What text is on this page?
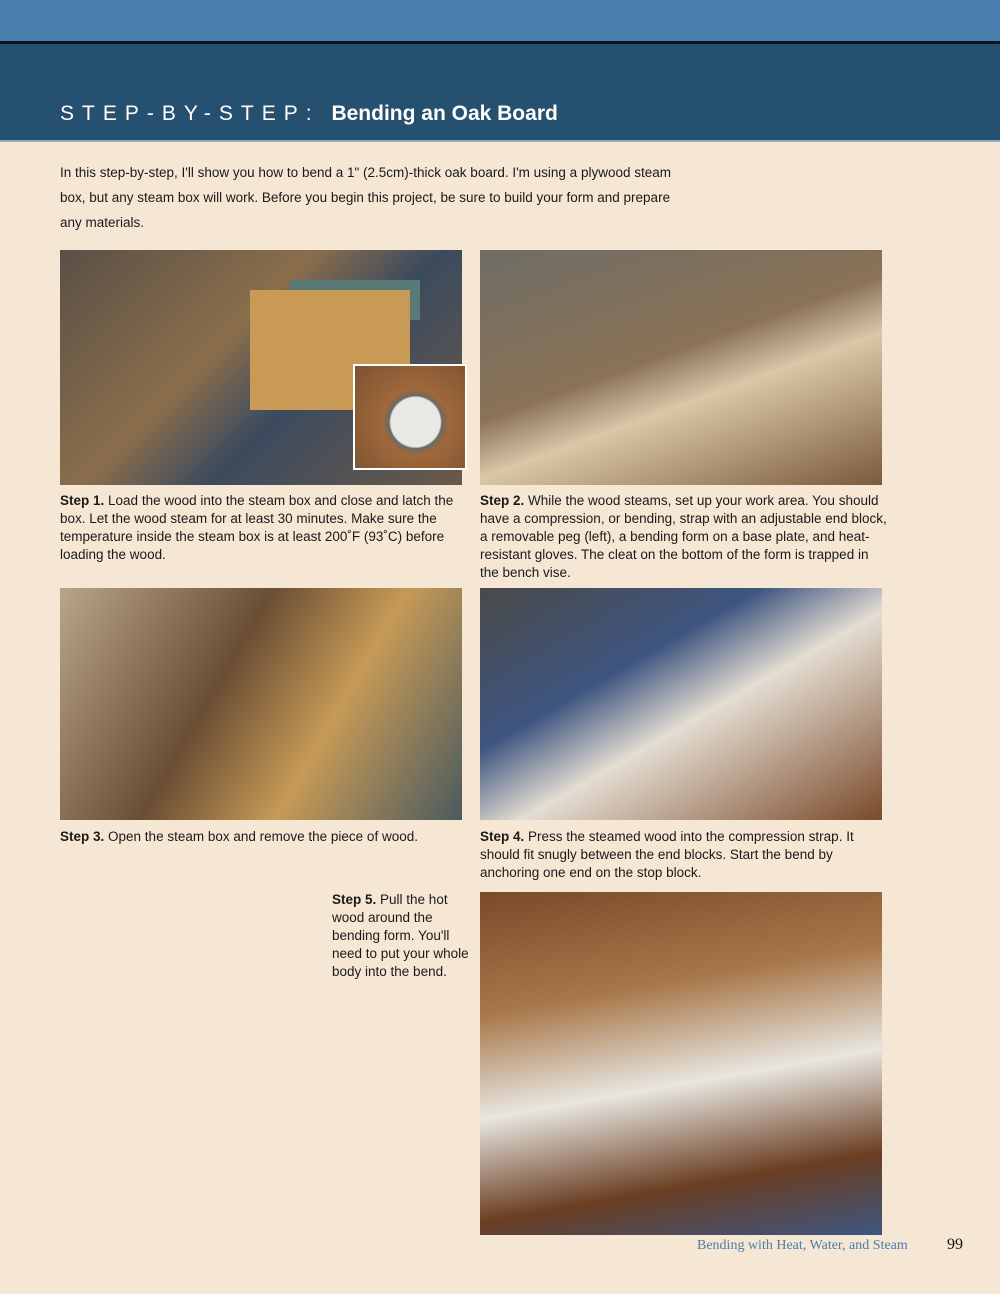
STEP-BY-STEP: Bending an Oak Board
In this step-by-step, I'll show you how to bend a 1" (2.5cm)-thick oak board. I'm using a plywood steam box, but any steam box will work. Before you begin this project, be sure to build your form and prepare any materials.
Step 1. Load the wood into the steam box and close and latch the box. Let the wood steam for at least 30 minutes. Make sure the temperature inside the steam box is at least 200˚F (93˚C) before loading the wood.
Step 2. While the wood steams, set up your work area. You should have a compression, or bending, strap with an adjustable end block, a removable peg (left), a bending form on a base plate, and heat-resistant gloves. The cleat on the bottom of the form is trapped in the bench vise.
Step 3. Open the steam box and remove the piece of wood.	Step 4. Press the steamed wood into the compression strap. It should fit snugly between the end blocks. Start the bend by anchoring one end on the stop block.
Step 5. Pull the hot wood around the bending form. You'll need to put your whole body into the bend.
Bending with Heat, Water, and Steam 99
